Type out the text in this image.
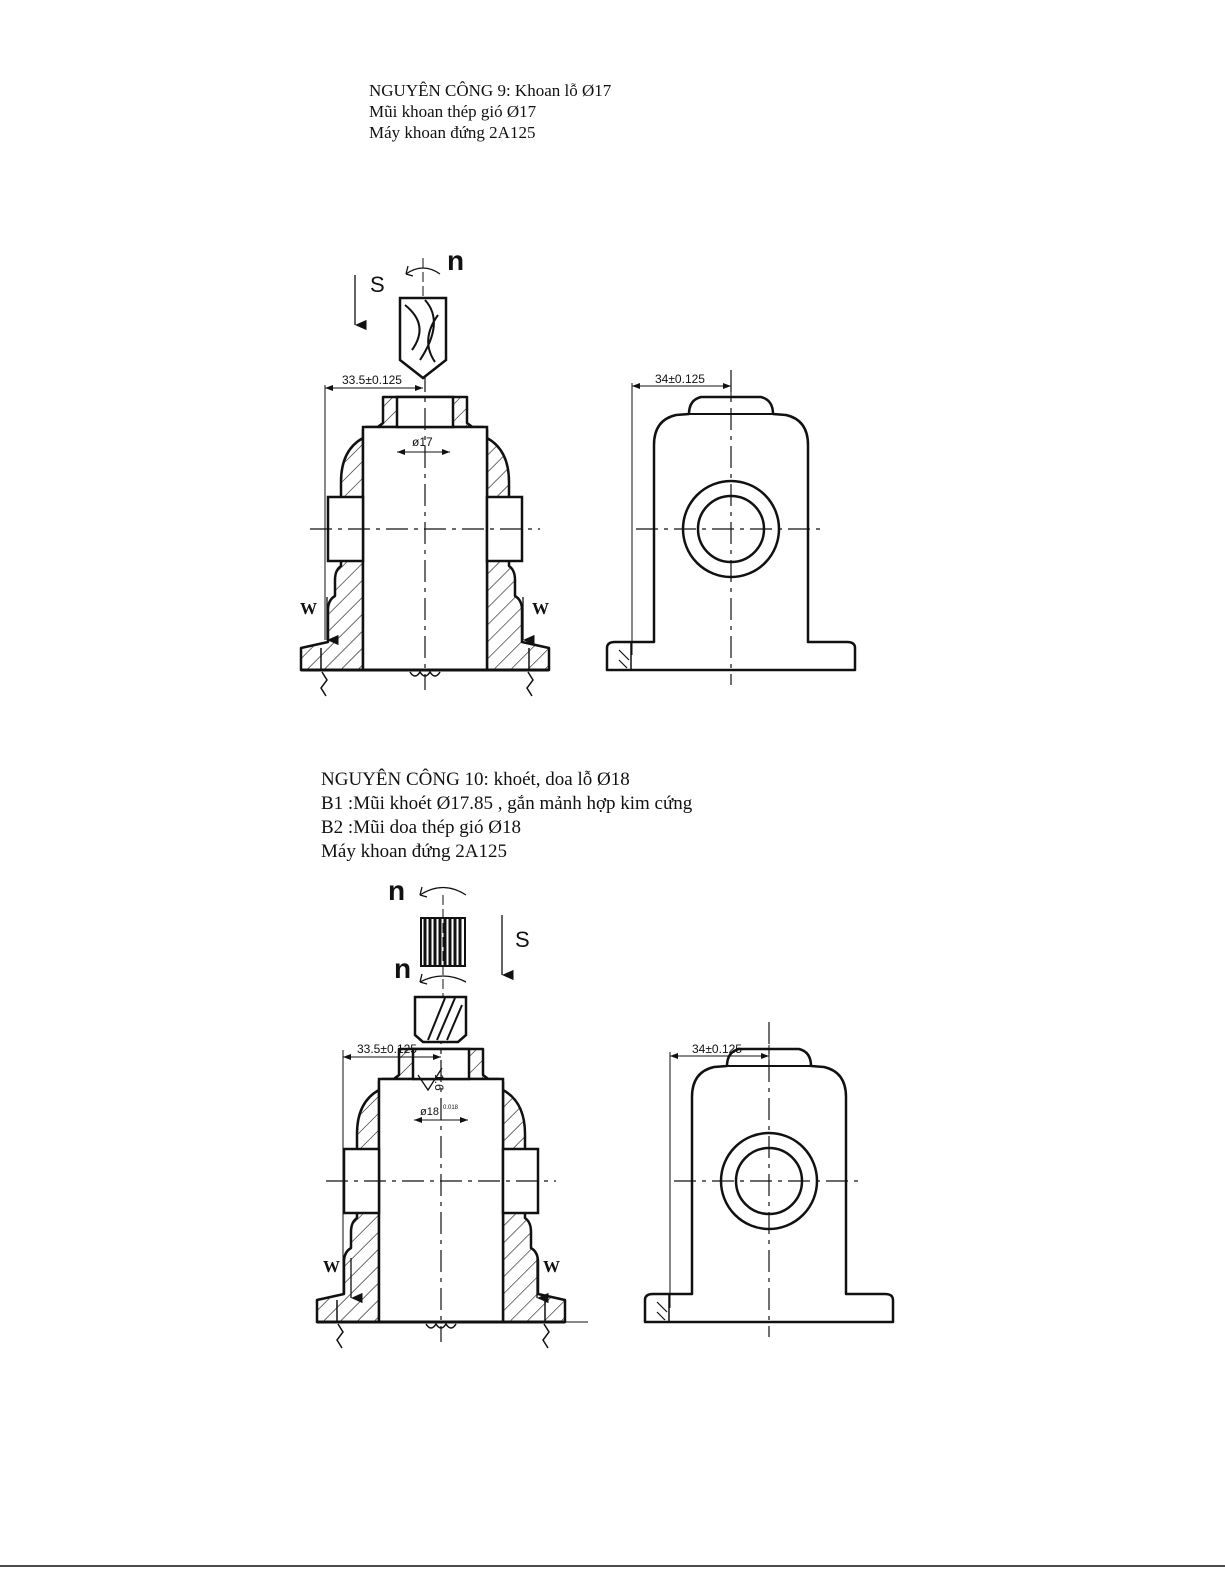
NGUYÊN CÔNG 9: Khoan lỗ Ø17
Mũi khoan thép gió Ø17
Máy khoan đứng 2A125
NGUYÊN CÔNG 10: khoét, doa lỗ Ø18
B1 :Mũi khoét Ø17.85 , gắn mảnh hợp kim cứng
B2 :Mũi doa thép gió Ø18
Máy khoan đứng 2A125
S
n
33.5±0.125
ø17
W	W
34±0.125
n
n
S
33.5±0.125
1.6
ø18 0.018
W	W
34±0.125
